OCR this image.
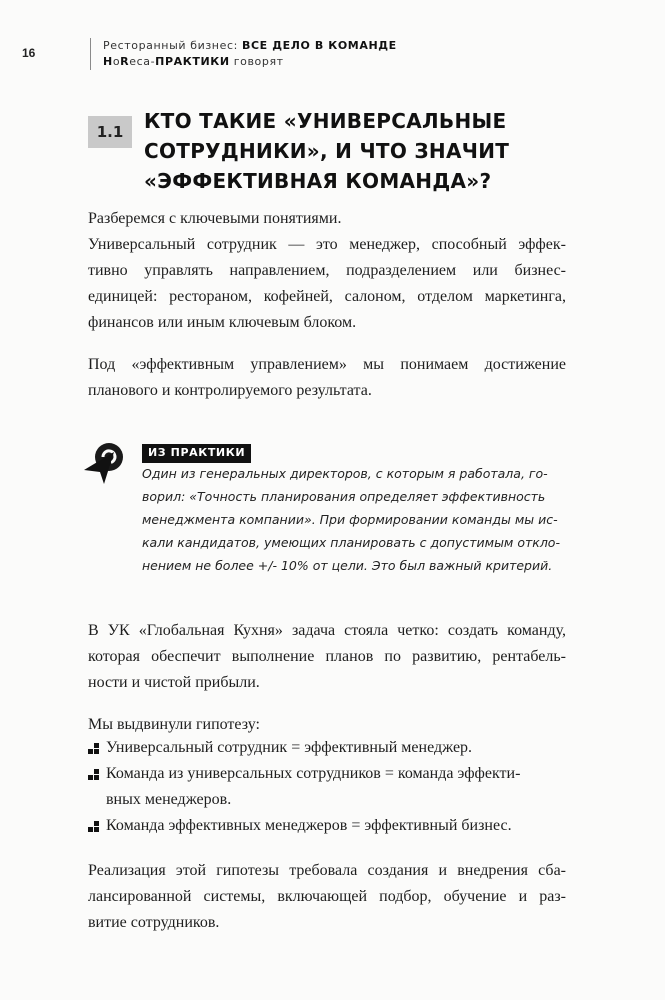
16
Ресторанный бизнес: ВСЕ ДЕЛО В КОМАНДЕ
HoReca-ПРАКТИКИ говорят
1.1	КТО ТАКИЕ «УНИВЕРСАЛЬНЫЕ
СОТРУДНИКИ», И ЧТО ЗНАЧИТ
«ЭФФЕКТИВНАЯ КОМАНДА»?
Разберемся с ключевыми понятиями.
Универсальный сотрудник — это менеджер, способный эффек-
тивно управлять направлением, подразделением или бизнес-
единицей: рестораном, кофейней, салоном, отделом маркетинга,
финансов или иным ключевым блоком.
Под «эффективным управлением» мы понимаем достижение
планового и контролируемого результата.
ИЗ ПРАКТИКИ
Один из генеральных директоров, с которым я работала, го-
ворил: «Точность планирования определяет эффективность
менеджмента компании». При формировании команды мы ис-
кали кандидатов, умеющих планировать с допустимым откло-
нением не более +/- 10% от цели. Это был важный критерий.
В УК «Глобальная Кухня» задача стояла четко: создать команду,
которая обеспечит выполнение планов по развитию, рентабель-
ности и чистой прибыли.
Мы выдвинули гипотезу:
Универсальный сотрудник = эффективный менеджер.
Команда из универсальных сотрудников = команда эффекти-
вных менеджеров.
Команда эффективных менеджеров = эффективный бизнес.
Реализация этой гипотезы требовала создания и внедрения сба-
лансированной системы, включающей подбор, обучение и раз-
витие сотрудников.
